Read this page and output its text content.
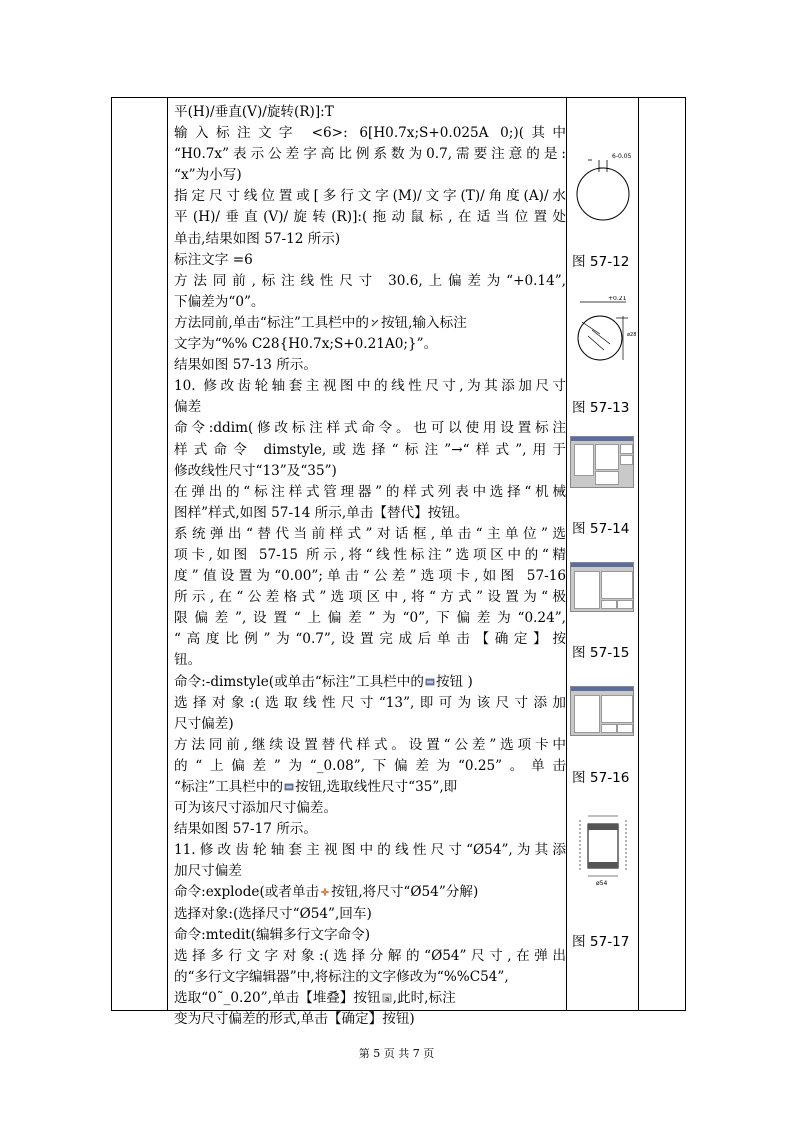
平(H)/垂直(V)/旋转(R)]:T
输入标注文字 <6>: 6[H0.7x;S+0.025A 0;)(其中
“H0.7x”表示公差字高比例系数为0.7,需要注意的是:
“x”为小写)
指定尺寸线位置或[多行文字(M)/文字(T)/角度(A)/水
平(H)/垂直(V)/旋转(R)]:(拖动鼠标,在适当位置处
单击,结果如图 57-12 所示)
标注文字 =6
方法同前,标注线性尺寸 30.6,上偏差为“+0.14”,
下偏差为“0”。
方法同前,单击“标注”工具栏中的 按钮,输入标注
文字为“%% C28{H0.7x;S+0.21A0;}”。
结果如图 57-13 所示。
10. 修改齿轮轴套主视图中的线性尺寸,为其添加尺寸
偏差
命令:ddim(修改标注样式命令。也可以使用设置标注
样式命令 dimstyle,或选择“标注”→“样式”,用于
修改线性尺寸“13”及“35”)
在弹出的“标注样式管理器”的样式列表中选择“机械
图样”样式,如图 57-14 所示,单击【替代】按钮。
系统弹出“替代当前样式”对话框,单击“主单位”选
项卡,如图 57-15 所示,将“线性标注”选项区中的“精
度”值设置为“0.00”;单击“公差”选项卡,如图 57-16
所示,在“公差格式”选项区中,将“方式”设置为“极
限偏差”,设置“上偏差”为“0”,下偏差为“0.24”,
“高度比例”为“0.7”,设置完成后单击【确定】按
钮。
命令:-dimstyle(或单击“标注”工具栏中的 按钮 )
选择对象:(选取线性尺寸“13”,即可为该尺寸添加
尺寸偏差)
方法同前,继续设置替代样式。设置“公差”选项卡中
的“上偏差”为“_0.08”,下偏差为“0.25”。单击
“标注”工具栏中的 按钮,选取线性尺寸“35”,即
可为该尺寸添加尺寸偏差。
结果如图 57-17 所示。
11.修改齿轮轴套主视图中的线性尺寸“Ø54”,为其添
加尺寸偏差
命令:explode(或者单击 按钮,将尺寸“Ø54”分解)
选择对象:(选择尺寸“Ø54”,回车)
命令:mtedit(编辑多行文字命令)
选择多行文字对象:(选择分解的“Ø54”尺寸,在弹出
的“多行文字编辑器”中,将标注的文字修改为“%%C54”,
选取“0˜_0.20”,单击【堆叠】按钮 a ,此时,标注
变为尺寸偏差的形式,单击【确定】按钮)
6-0.05
图 57-12
+0.21
ø28
图 57-13
图 57-14
图 57-15
图 57-16
ø54
图 57-17
第 5 页 共 7 页
